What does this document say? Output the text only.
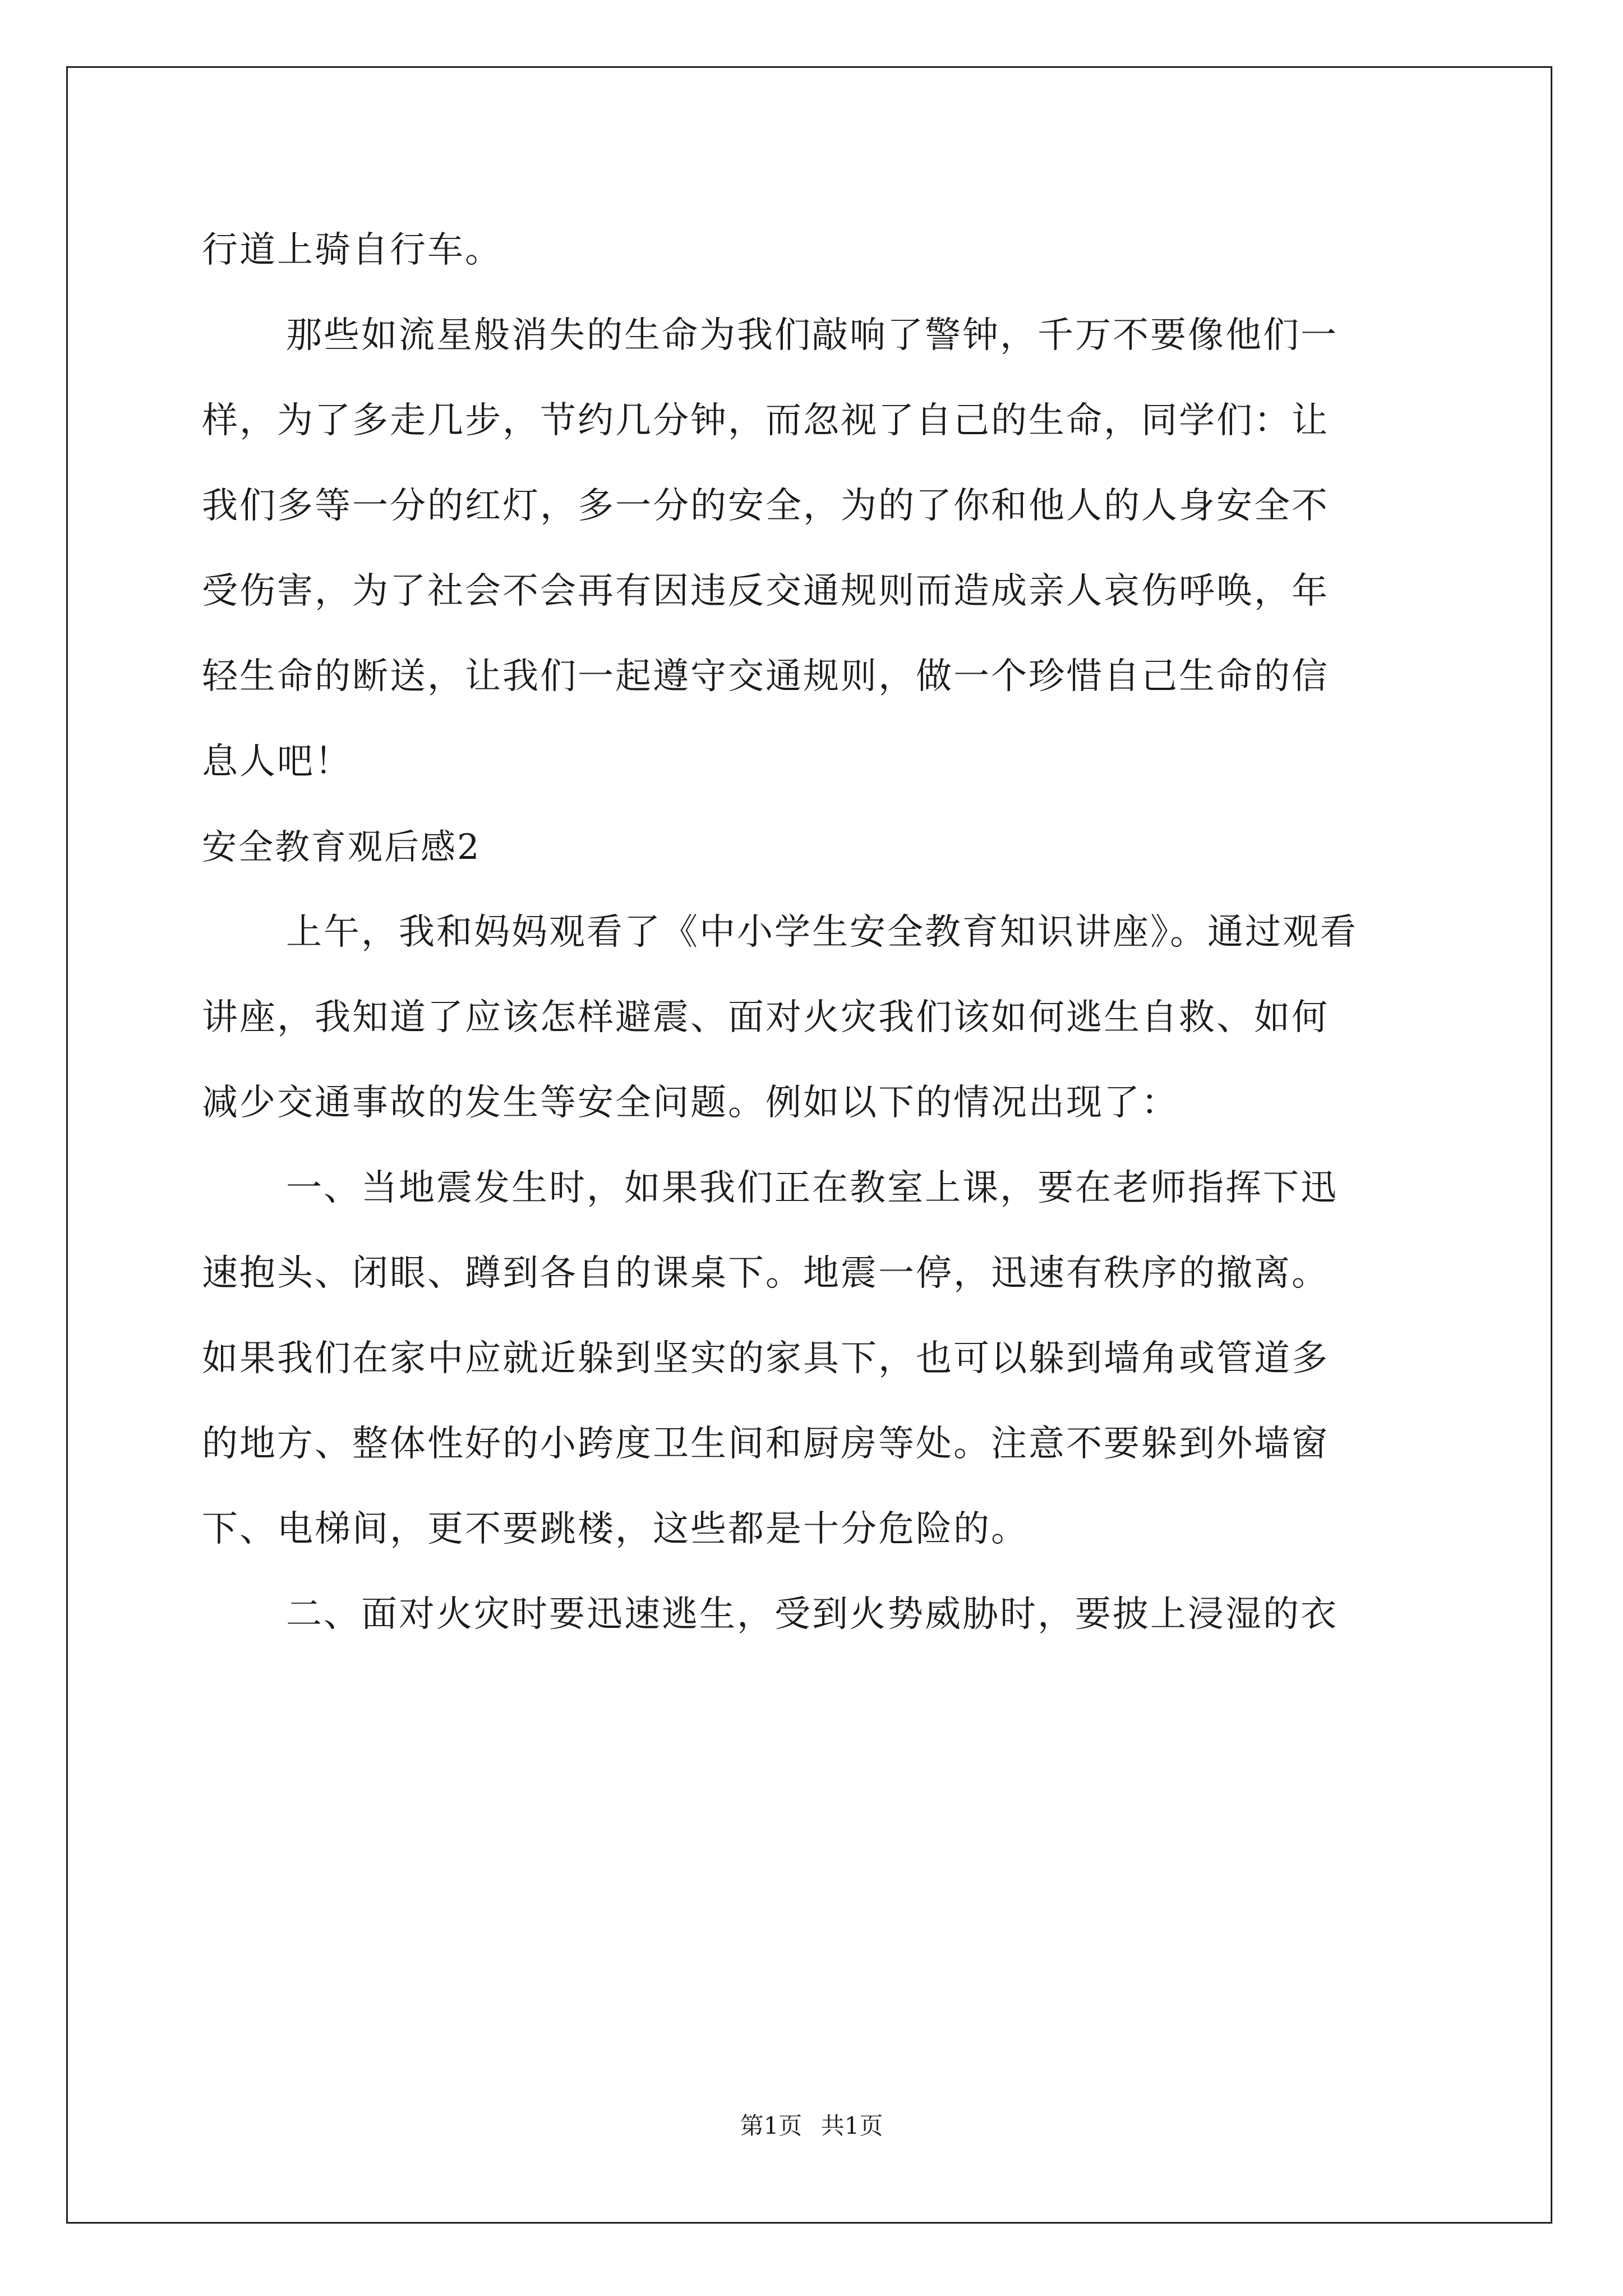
行道上骑自行车。
那些如流星般消失的生命为我们敲响了警钟，千万不要像他们一
样，为了多走几步，节约几分钟，而忽视了自己的生命，同学们：让
我们多等一分的红灯，多一分的安全，为的了你和他人的人身安全不
受伤害，为了社会不会再有因违反交通规则而造成亲人哀伤呼唤，年
轻生命的断送，让我们一起遵守交通规则，做一个珍惜自己生命的信
息人吧！
安全教育观后感2
上午，我和妈妈观看了《中小学生安全教育知识讲座》。通过观看
讲座，我知道了应该怎样避震、面对火灾我们该如何逃生自救、如何
减少交通事故的发生等安全问题。例如以下的情况出现了：
一、当地震发生时，如果我们正在教室上课，要在老师指挥下迅
速抱头、闭眼、蹲到各自的课桌下。地震一停，迅速有秩序的撤离。
如果我们在家中应就近躲到坚实的家具下，也可以躲到墙角或管道多
的地方、整体性好的小跨度卫生间和厨房等处。注意不要躲到外墙窗
下、电梯间，更不要跳楼，这些都是十分危险的。
二、面对火灾时要迅速逃生，受到火势威胁时，要披上浸湿的衣
第1页 共1页
